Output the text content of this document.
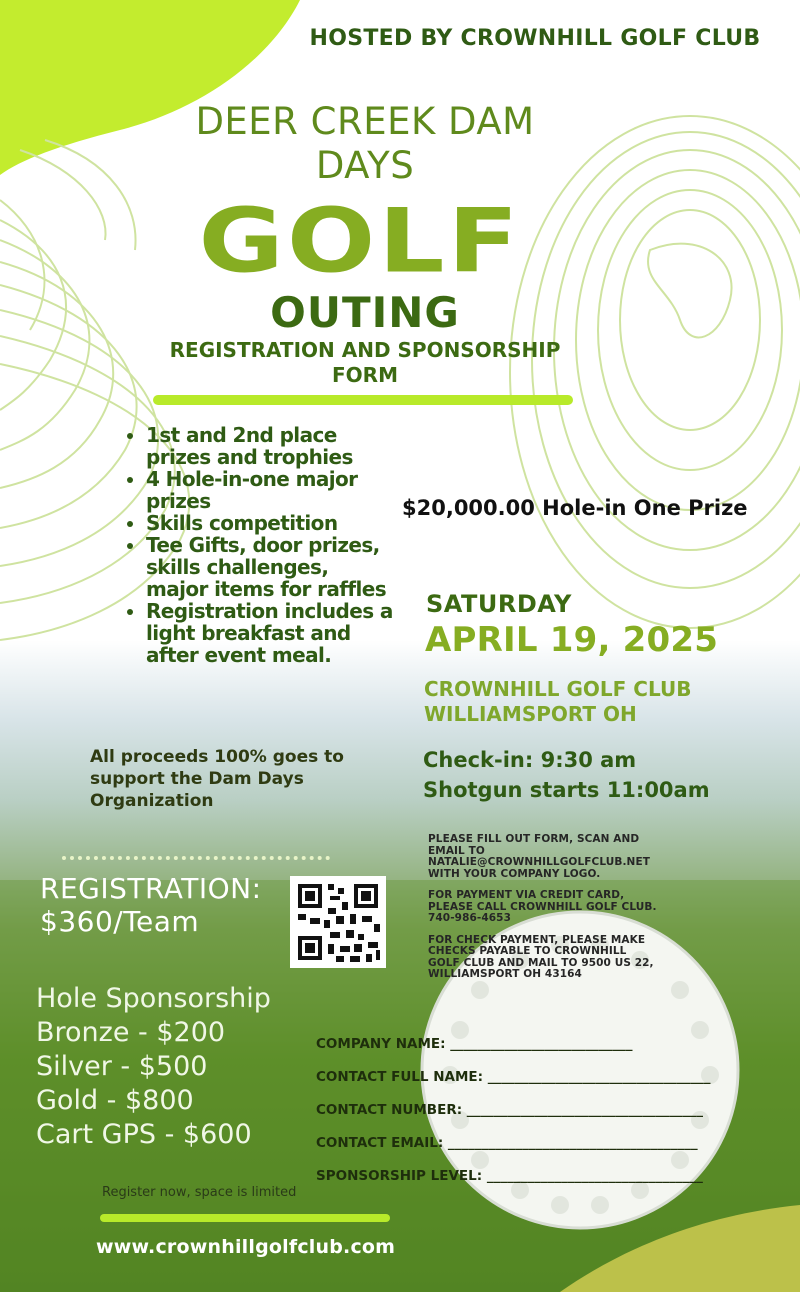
HOSTED BY CROWNHILL GOLF CLUB
DEER CREEK DAM
DAYS
GOLF
OUTING
REGISTRATION AND SPONSORSHIP
FORM
• 1st and 2nd place prizes and trophies
• 4 Hole-in-one major prizes
• Skills competition
• Tee Gifts, door prizes, skills challenges, major items for raffles
• Registration includes a light breakfast and after event meal.
$20,000.00 Hole-in One Prize
SATURDAY
APRIL 19, 2025
CROWNHILL GOLF CLUB
WILLIAMSPORT OH
Check-in: 9:30 am
Shotgun starts 11:00am
All proceeds 100% goes to support the Dam Days Organization
REGISTRATION:
$360/Team

PLEASE FILL OUT FORM, SCAN AND
EMAIL TO
NATALIE@CROWNHILLGOLFCLUB.NET
WITH YOUR COMPANY LOGO.

FOR PAYMENT VIA CREDIT CARD,
PLEASE CALL CROWNHILL GOLF CLUB.
740-986-4653

FOR CHECK PAYMENT, PLEASE MAKE
CHECKS PAYABLE TO CROWNHILL
GOLF CLUB AND MAIL TO 9500 US 22,
WILLIAMSPORT OH 43164

Hole Sponsorship
Bronze - $200
Silver - $500
Gold - $800
Cart GPS - $600
COMPANY NAME: ___________________________
CONTACT FULL NAME: _________________________________
CONTACT NUMBER: ___________________________________
CONTACT EMAIL: _____________________________________
SPONSORSHIP LEVEL: ________________________________
Register now, space is limited
www.crownhillgolfclub.com
